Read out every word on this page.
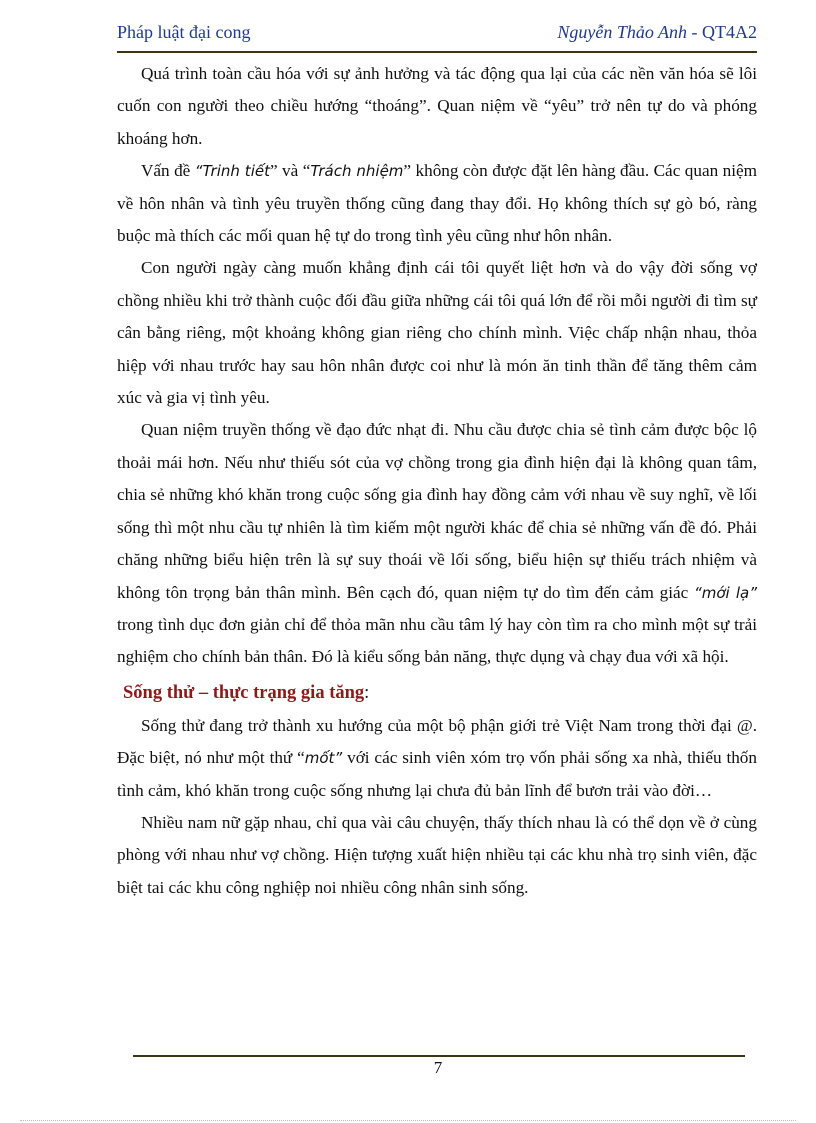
Pháp luật đại cong	Nguyễn Thảo Anh - QT4A2

Quá trình toàn cầu hóa với sự ảnh hưởng và tác động qua lại của các nền văn hóa sẽ lôi cuốn con người theo chiều hướng “thoáng”. Quan niệm về “yêu” trở nên tự do và phóng khoáng hơn.

Vấn đề “Trinh tiết” và “Trách nhiệm” không còn được đặt lên hàng đầu. Các quan niệm về hôn nhân và tình yêu truyền thống cũng đang thay đổi. Họ không thích sự gò bó, ràng buộc mà thích các mối quan hệ tự do trong tình yêu cũng như hôn nhân.

Con người ngày càng muốn khẳng định cái tôi quyết liệt hơn và do vậy đời sống vợ chồng nhiều khi trở thành cuộc đối đầu giữa những cái tôi quá lớn để rồi mỗi người đi tìm sự cân bằng riêng, một khoảng không gian riêng cho chính mình. Việc chấp nhận nhau, thỏa hiệp với nhau trước hay sau hôn nhân được coi như là món ăn tinh thần để tăng thêm cảm xúc và gia vị tình yêu.

Quan niệm truyền thống về đạo đức nhạt đi. Nhu cầu được chia sẻ tình cảm được bộc lộ thoải mái hơn. Nếu như thiếu sót của vợ chồng trong gia đình hiện đại là không quan tâm, chia sẻ những khó khăn trong cuộc sống gia đình hay đồng cảm với nhau về suy nghĩ, về lối sống thì một nhu cầu tự nhiên là tìm kiếm một người khác để chia sẻ những vấn đề đó. Phải chăng những biểu hiện trên là sự suy thoái về lối sống, biểu hiện sự thiếu trách nhiệm và không tôn trọng bản thân mình. Bên cạch đó, quan niệm tự do tìm đến cảm giác “mới lạ” trong tình dục đơn giản chỉ để thỏa mãn nhu cầu tâm lý hay còn tìm ra cho mình một sự trải nghiệm cho chính bản thân. Đó là kiểu sống bản năng, thực dụng và chạy đua với xã hội.

Sống thử – thực trạng gia tăng:

Sống thử đang trở thành xu hướng của một bộ phận giới trẻ Việt Nam trong thời đại @. Đặc biệt, nó như một thứ “mốt” với các sinh viên xóm trọ vốn phải sống xa nhà, thiếu thốn tình cảm, khó khăn trong cuộc sống nhưng lại chưa đủ bản lĩnh để bươn trải vào đời…

Nhiều nam nữ gặp nhau, chỉ qua vài câu chuyện, thấy thích nhau là có thể dọn về ở cùng phòng với nhau như vợ chồng. Hiện tượng xuất hiện nhiều tại các khu nhà trọ sinh viên, đặc biệt tai các khu công nghiệp noi nhiều công nhân sinh sống.

7
